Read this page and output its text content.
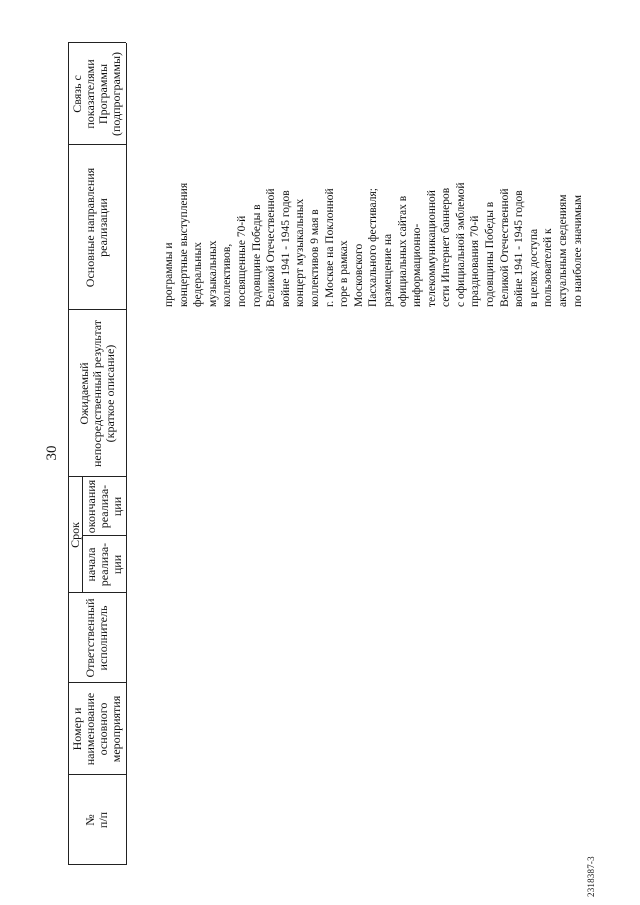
30
2318387-3
№ п/п
Номер и наименование основного мероприятия
Ответственный исполнитель
Срок
начала реализа- ции
окончания реализа- ции
Ожидаемый непосредственный результат (краткое описание)
Основные направления реализации
Связь с показателями Программы (подпрограммы)
программы и концертные выступления федеральных музыкальных коллективов, посвященные 70-й годовщине Победы в Великой Отечественной войне 1941 - 1945 годов концерт музыкальных коллективов 9 мая в г. Москве на Поклонной горе в рамках Московского Пасхального фестиваля; размещение на официальных сайтах в информационно- телекоммуникационной сети Интернет баннеров с официальной эмблемой празднования 70-й годовщины Победы в Великой Отечественной войне 1941 - 1945 годов в целях доступа пользователей к актуальным сведениям по наиболее значимым
